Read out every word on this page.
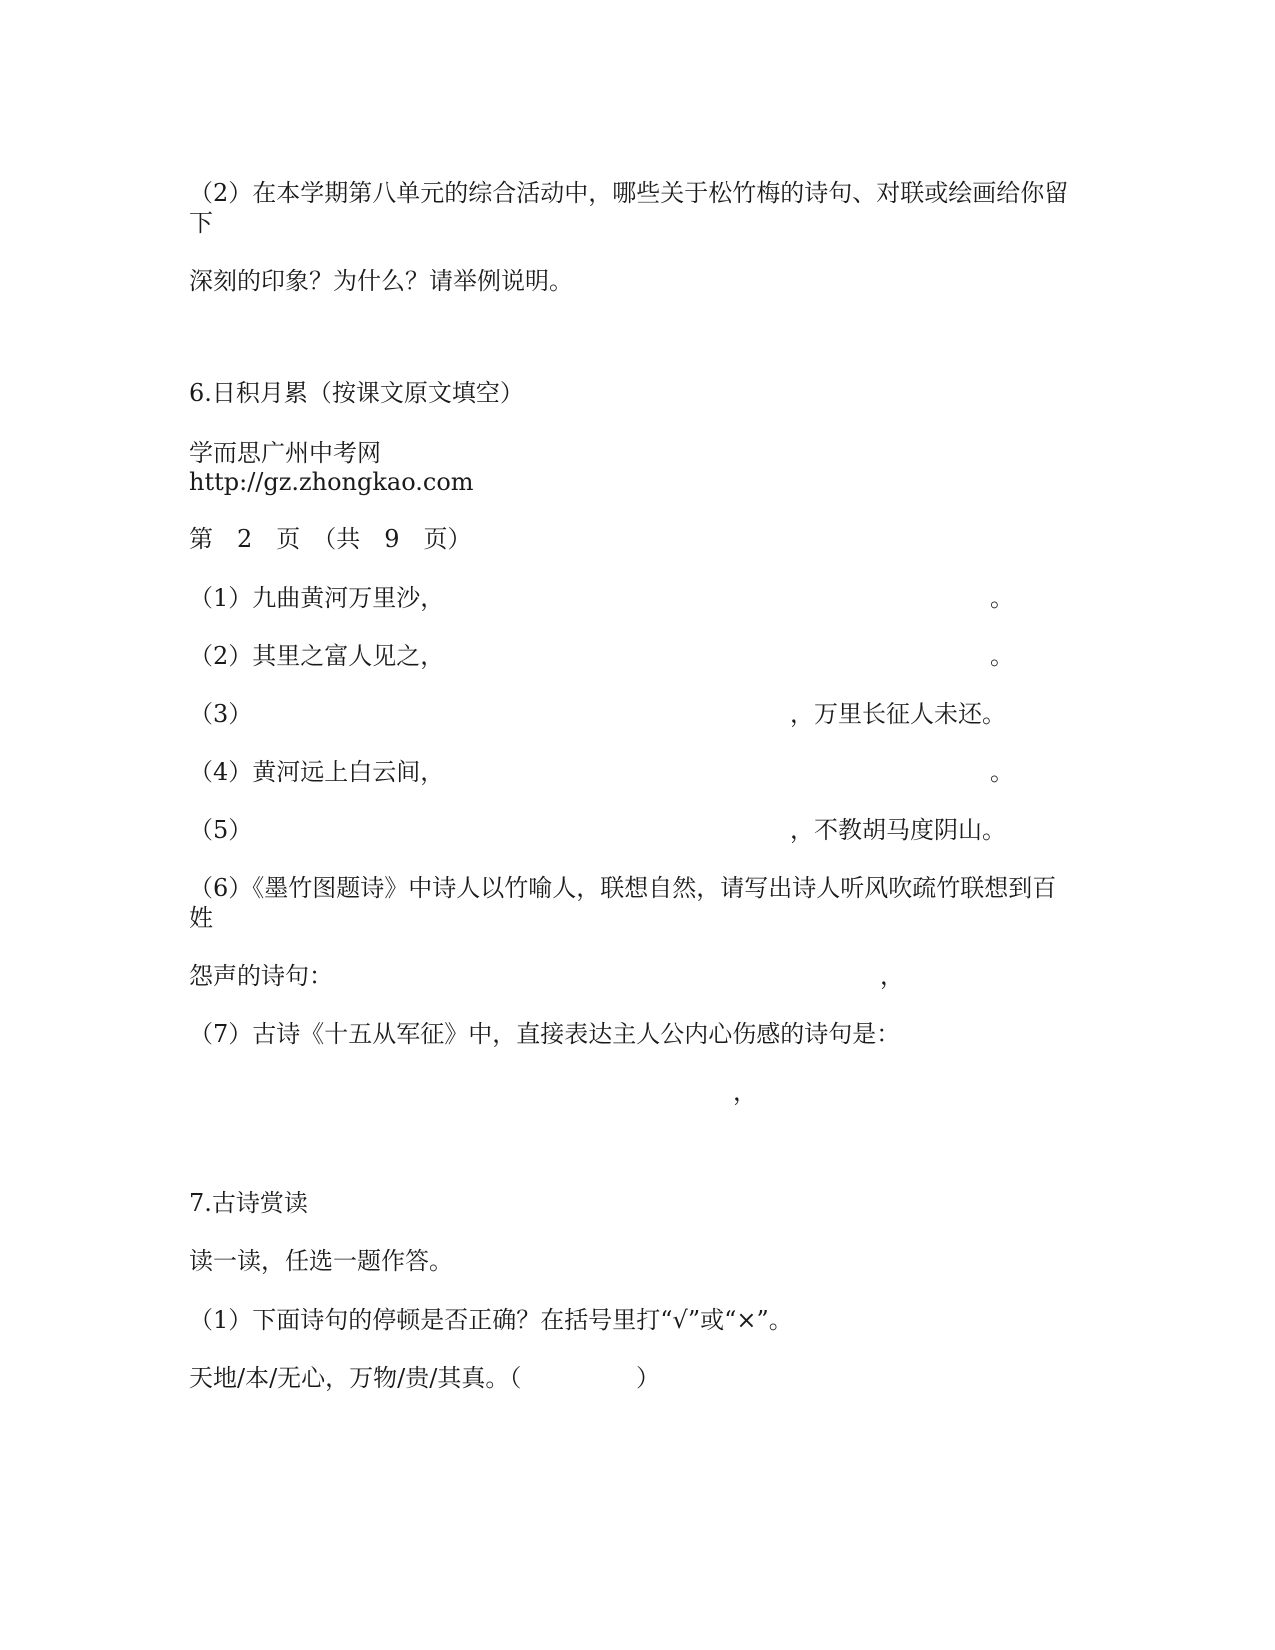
（2）在本学期第八单元的综合活动中，哪些关于松竹梅的诗句、对联或绘画给你留
下
深刻的印象？为什么？请举例说明。
6.日积月累（按课文原文填空）
学而思广州中考网
http://gz.zhongkao.com
第　2　页　（共　9　页）
（1）九曲黄河万里沙，	。
（2）其里之富人见之，	。
（3）	，万里长征人未还。
（4）黄河远上白云间，	。
（5）	，不教胡马度阴山。
（6）《墨竹图题诗》中诗人以竹喻人，联想自然，请写出诗人听风吹疏竹联想到百
姓
怨声的诗句：	，
（7）古诗《十五从军征》中，直接表达主人公内心伤感的诗句是：
，
7.古诗赏读
读一读，任选一题作答。
（1）下面诗句的停顿是否正确？在括号里打“√”或“×”。
天地/本/无心，万物/贵/其真。（	）
